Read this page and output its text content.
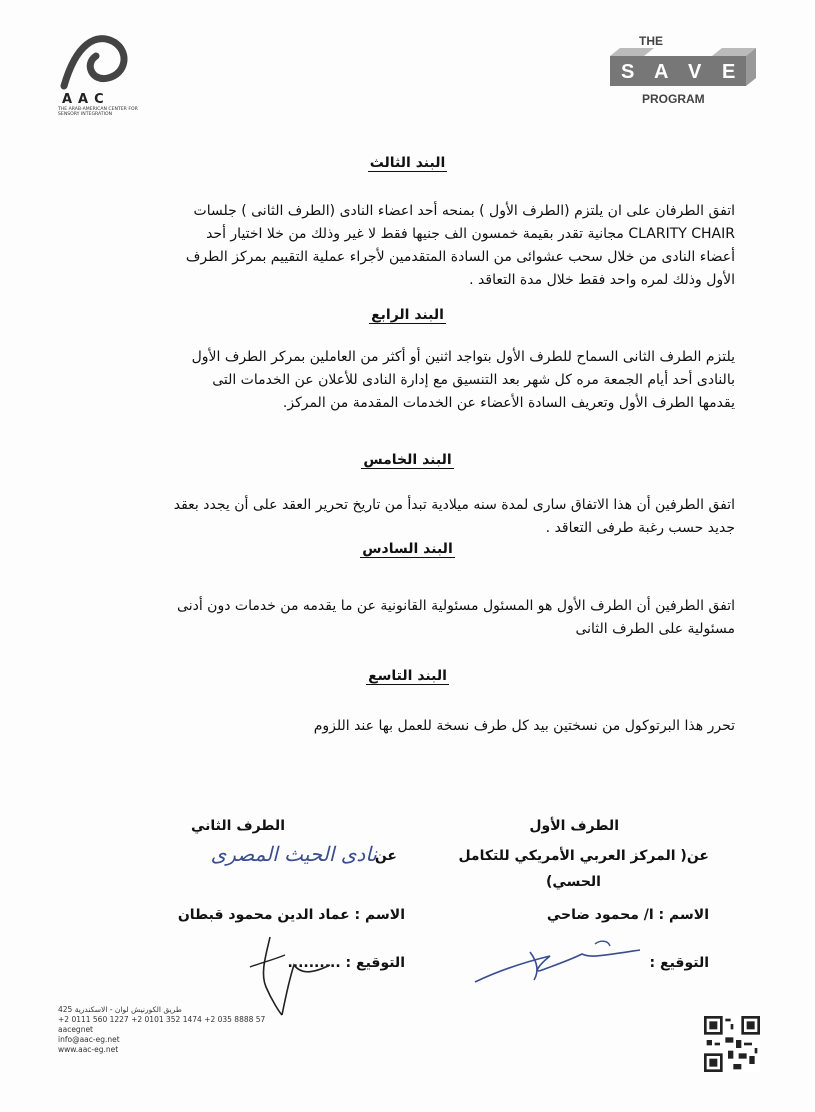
AAC
THE ARAB-AMERICAN CENTER FOR SENSORY INTEGRATION
THE
S A V E
PROGRAM
البند الثالث
اتفق الطرفان على ان يلتزم (الطرف الأول ) بمنحه أحد اعضاء النادى (الطرف الثانى ) جلسات
CLARITY CHAIR مجانية تقدر بقيمة خمسون الف جنيها فقط لا غير وذلك من خلا اختيار أحد
أعضاء النادى من خلال سحب عشوائى من السادة المتقدمين لأجراء عملية التقييم بمركز الطرف
الأول وذلك لمره واحد فقط خلال مدة التعاقد .
البند الرابع
يلتزم الطرف الثانى السماح للطرف الأول بتواجد اثنين أو أكثر من العاملين بمركر الطرف الأول
بالنادى أحد أيام الجمعة مره كل شهر بعد التنسيق مع إدارة النادى للأعلان عن الخدمات التى
يقدمها الطرف الأول وتعريف السادة الأعضاء عن الخدمات المقدمة من المركز.
البند الخامس
اتفق الطرفين أن هذا الاتفاق سارى لمدة سنه ميلادية تبدأ من تاريخ تحرير العقد على أن يجدد بعقد
جديد حسب رغبة طرفى التعاقد .
البند السادس
اتفق الطرفين أن الطرف الأول هو المسئول مسئولية القانونية عن ما يقدمه من خدمات دون أدنى
مسئولية على الطرف الثانى
البند التاسع
تحرر هذا البرتوكول من نسختين بيد كل طرف نسخة للعمل بها عند اللزوم
الطرف الأول
عن( المركز العربي الأمريكي للتكامل
الحسي)
الاسم : ا/ محمود ضاحي
التوقيع :
الطرف الثاني
عن
نادى الحيث المصرى
الاسم : عماد الدين محمود قبطان
التوقيع : ..........
425 طريق الكورنيش لوان - الاسكندرية
+2 0111 560 1227 +2 0101 352 1474 +2 035 8888 57
aacegnet
info@aac-eg.net
www.aac-eg.net
